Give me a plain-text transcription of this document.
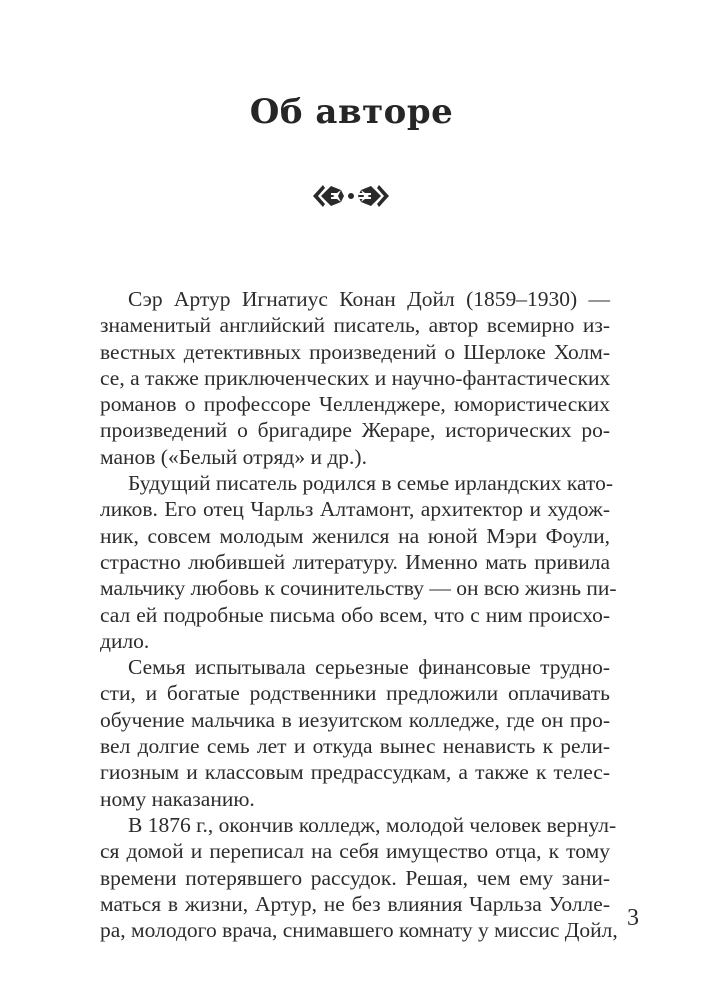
Об авторе
Сэр Артур Игнатиус Конан Дойл (1859–1930) —
знаменитый английский писатель, автор всемирно из-
вестных детективных произведений о Шерлоке Холм-
се, а также приключенческих и научно-фантастических
романов о профессоре Челленджере, юмористических
произведений о бригадире Жераре, исторических ро-
манов («Белый отряд» и др.).
Будущий писатель родился в семье ирландских като-
ликов. Его отец Чарльз Алтамонт, архитектор и худож-
ник, совсем молодым женился на юной Мэри Фоули,
страстно любившей литературу. Именно мать привила
мальчику любовь к сочинительству — он всю жизнь пи-
сал ей подробные письма обо всем, что с ним происхо-
дило.
Семья испытывала серьезные финансовые трудно-
сти, и богатые родственники предложили оплачивать
обучение мальчика в иезуитском колледже, где он про-
вел долгие семь лет и откуда вынес ненависть к рели-
гиозным и классовым предрассудкам, а также к телес-
ному наказанию.
В 1876 г., окончив колледж, молодой человек вернул-
ся домой и переписал на себя имущество отца, к тому
времени потерявшего рассудок. Решая, чем ему зани-
маться в жизни, Артур, не без влияния Чарльза Уолле-
ра, молодого врача, снимавшего комнату у миссис Дойл, 3
